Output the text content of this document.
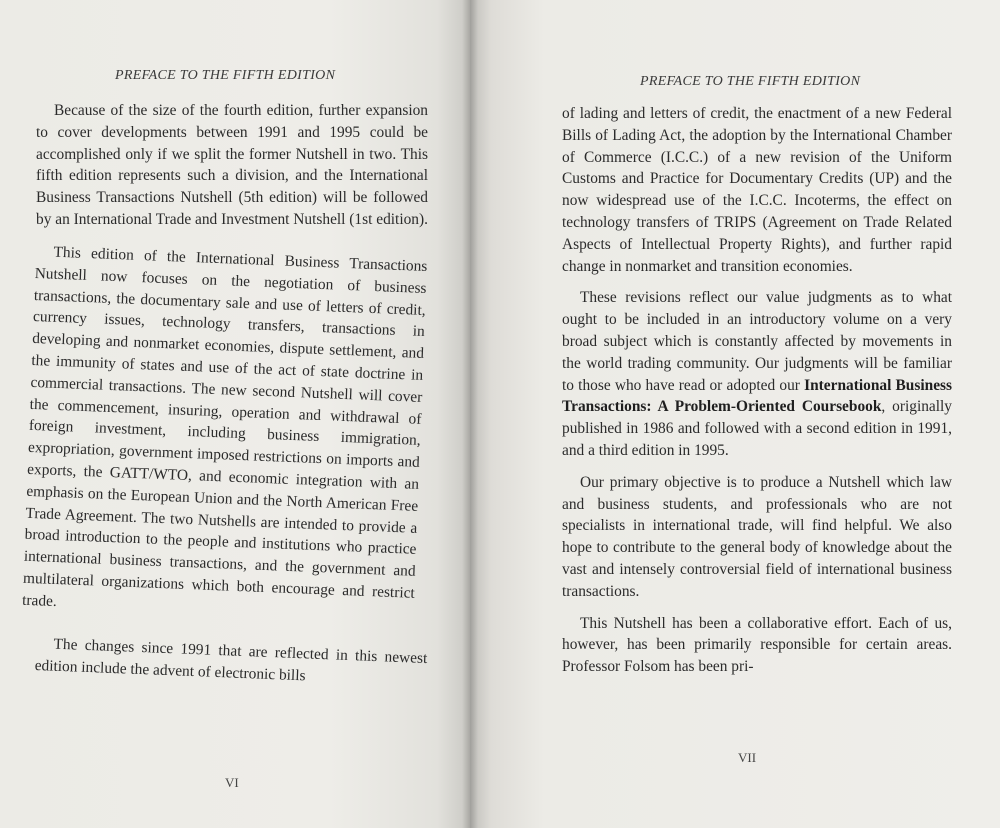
PREFACE TO THE FIFTH EDITION

Because of the size of the fourth edition, further expansion to cover developments between 1991 and 1995 could be accomplished only if we split the former Nutshell in two. This fifth edition represents such a division, and the International Business Transactions Nutshell (5th edition) will be followed by an International Trade and Investment Nutshell (1st edition).

This edition of the International Business Transactions Nutshell now focuses on the negotiation of business transactions, the documentary sale and use of letters of credit, currency issues, technology transfers, transactions in developing and nonmarket economies, dispute settlement, and the immunity of states and use of the act of state doctrine in commercial transactions. The new second Nutshell will cover the commencement, insuring, operation and withdrawal of foreign investment, including business immigration, expropriation, government imposed restrictions on imports and exports, the GATT/WTO, and economic integration with an emphasis on the European Union and the North American Free Trade Agreement. The two Nutshells are intended to provide a broad introduction to the people and institutions who practice international business transactions, and the government and multilateral organizations which both encourage and restrict trade.

The changes since 1991 that are reflected in this newest edition include the advent of electronic bills

VI
PREFACE TO THE FIFTH EDITION

of lading and letters of credit, the enactment of a new Federal Bills of Lading Act, the adoption by the International Chamber of Commerce (I.C.C.) of a new revision of the Uniform Customs and Practice for Documentary Credits (UP) and the now widespread use of the I.C.C. Incoterms, the effect on technology transfers of TRIPS (Agreement on Trade Related Aspects of Intellectual Property Rights), and further rapid change in nonmarket and transition economies.

These revisions reflect our value judgments as to what ought to be included in an introductory volume on a very broad subject which is constantly affected by movements in the world trading community. Our judgments will be familiar to those who have read or adopted our International Business Transactions: A Problem-Oriented Coursebook, originally published in 1986 and followed with a second edition in 1991, and a third edition in 1995.

Our primary objective is to produce a Nutshell which law and business students, and professionals who are not specialists in international trade, will find helpful. We also hope to contribute to the general body of knowledge about the vast and intensely controversial field of international business transactions.

This Nutshell has been a collaborative effort. Each of us, however, has been primarily responsible for certain areas. Professor Folsom has been pri-

VII
